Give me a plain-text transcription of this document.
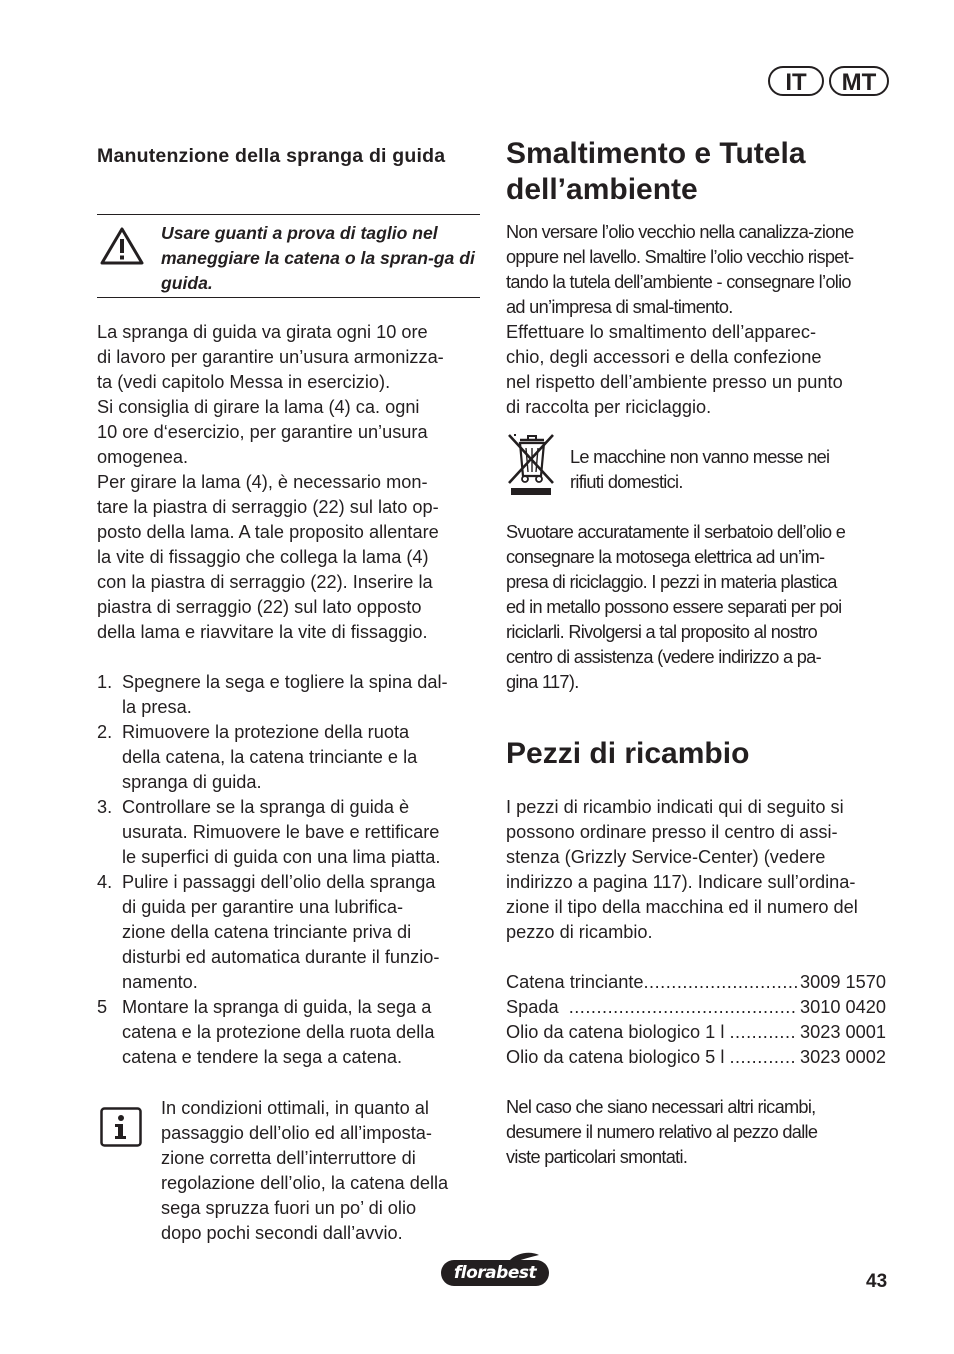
IT	MT
Manutenzione della spranga di guida
Usare guanti a prova di taglio nel maneggiare la catena o la spran-ga di guida.

La spranga di guida va girata ogni 10 ore

di lavoro per garantire un’usura armonizza-

ta (vedi capitolo Messa in esercizio).

Si consiglia di girare la lama (4) ca. ogni

10 ore d‘esercizio, per garantire un’usura

omogenea.

Per girare la lama (4), è necessario mon-

tare la piastra di serraggio (22) sul lato op-

posto della lama. A tale proposito allentare

la vite di fissaggio che collega la lama (4)

con la piastra di serraggio (22). Inserire la

piastra di serraggio (22) sul lato opposto

della lama e riavvitare la vite di fissaggio.

1. Spegnere la sega e togliere la spina dal-
la presa.
2. Rimuovere la protezione della ruota
della catena, la catena trinciante e la
spranga di guida.
3. Controllare se la spranga di guida è
usurata. Rimuovere le bave e rettificare
le superfici di guida con una lima piatta.
4. Pulire i passaggi dell’olio della spranga
di guida per garantire una lubrifica-
zione della catena trinciante priva di
disturbi ed automatica durante il funzio-
namento.
5 Montare la spranga di guida, la sega a
catena e la protezione della ruota della
catena e tendere la sega a catena.

In condizioni ottimali, in quanto al

passaggio dell’olio ed all’imposta-

zione corretta dell’interruttore di

regolazione dell’olio, la catena della

sega spruzza fuori un po’ di olio

dopo pochi secondi dall’avvio.

Smaltimento e Tutela
dell’ambiente

Non versare l’olio vecchio nella canalizza-zione

oppure nel lavello. Smaltire l’olio vecchio rispet-

tando la tutela dell’ambiente - consegnare l’olio

ad un’impresa di smal-timento.

Effettuare lo smaltimento dell’apparec-

chio, degli accessori e della confezione

nel rispetto dell’ambiente presso un punto

di raccolta per riciclaggio.

Le macchine non vanno messe nei

rifiuti domestici.

Svuotare accuratamente il serbatoio dell’olio e

consegnare la motosega elettrica ad un’im-

presa di riciclaggio. I pezzi in materia plastica

ed in metallo possono essere separati per poi

riciclarli. Rivolgersi a tal proposito al nostro

centro di assistenza (vedere indirizzo a pa-

gina 117).

Pezzi di ricambio

I pezzi di ricambio indicati qui di seguito si

possono ordinare presso il centro di assi-

stenza (Grizzly Service-Center) (vedere

indirizzo a pagina 117). Indicare sull’ordina-

zione il tipo della macchina ed il numero del

pezzo di ricambio.

Catena trinciante .....	3009 1570
Spada .....	3010 0420
Olio da catena biologico 1 l .....	3023 0001
Olio da catena biologico 5 l .....	3023 0002

Nel caso che siano necessari altri ricambi,

desumere il numero relativo al pezzo dalle

viste particolari smontati.

florabest	43
